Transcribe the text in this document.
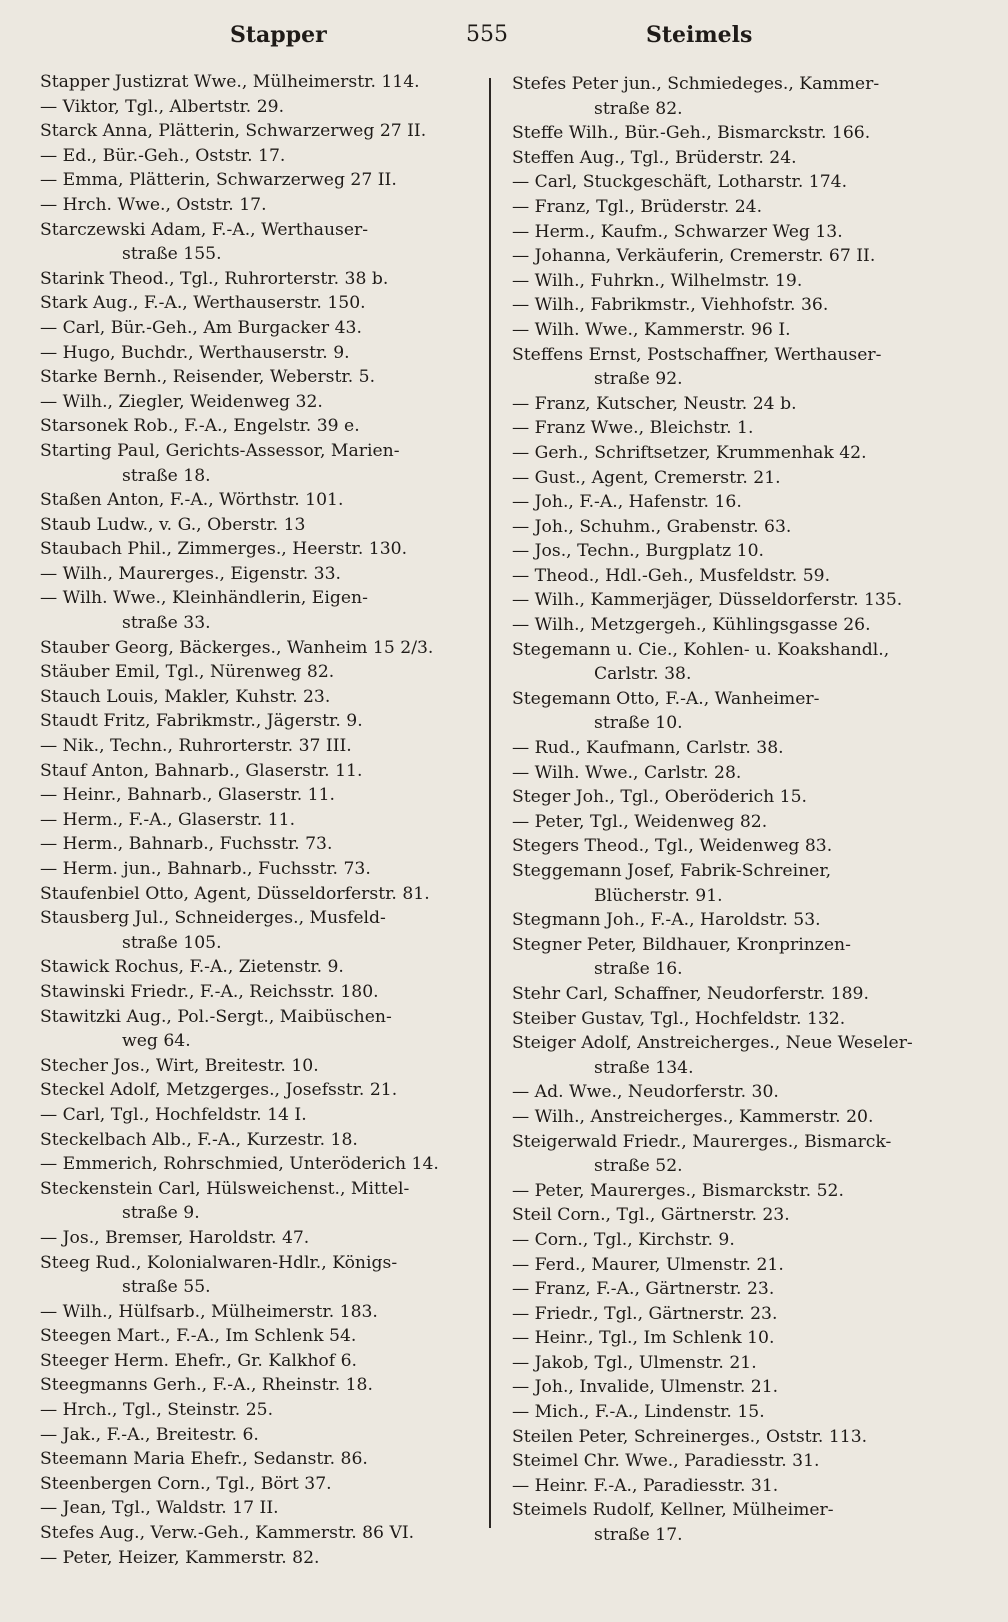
Stapper	555	Steimels
Stapper Justizrat Wwe., Mülheimerstr. 114.
— Viktor, Tgl., Albertstr. 29.
Starck Anna, Plätterin, Schwarzerweg 27 II.
— Ed., Bür.-Geh., Oststr. 17.
— Emma, Plätterin, Schwarzerweg 27 II.
— Hrch. Wwe., Oststr. 17.
Starczewski Adam, F.-A., Werthauser-
straße 155.
Starink Theod., Tgl., Ruhrorterstr. 38 b.
Stark Aug., F.-A., Werthauserstr. 150.
— Carl, Bür.-Geh., Am Burgacker 43.
— Hugo, Buchdr., Werthauserstr. 9.
Starke Bernh., Reisender, Weberstr. 5.
— Wilh., Ziegler, Weidenweg 32.
Starsonek Rob., F.-A., Engelstr. 39 e.
Starting Paul, Gerichts-Assessor, Marien-
straße 18.
Staßen Anton, F.-A., Wörthstr. 101.
Staub Ludw., v. G., Oberstr. 13
Staubach Phil., Zimmerges., Heerstr. 130.
— Wilh., Maurerges., Eigenstr. 33.
— Wilh. Wwe., Kleinhändlerin, Eigen-
straße 33.
Stauber Georg, Bäckerges., Wanheim 15 2/3.
Stäuber Emil, Tgl., Nürenweg 82.
Stauch Louis, Makler, Kuhstr. 23.
Staudt Fritz, Fabrikmstr., Jägerstr. 9.
— Nik., Techn., Ruhrorterstr. 37 III.
Stauf Anton, Bahnarb., Glaserstr. 11.
— Heinr., Bahnarb., Glaserstr. 11.
— Herm., F.-A., Glaserstr. 11.
— Herm., Bahnarb., Fuchsstr. 73.
— Herm. jun., Bahnarb., Fuchsstr. 73.
Staufenbiel Otto, Agent, Düsseldorferstr. 81.
Stausberg Jul., Schneiderges., Musfeld-
straße 105.
Stawick Rochus, F.-A., Zietenstr. 9.
Stawinski Friedr., F.-A., Reichsstr. 180.
Stawitzki Aug., Pol.-Sergt., Maibüschen-
weg 64.
Stecher Jos., Wirt, Breitestr. 10.
Steckel Adolf, Metzgerges., Josefsstr. 21.
— Carl, Tgl., Hochfeldstr. 14 I.
Steckelbach Alb., F.-A., Kurzestr. 18.
— Emmerich, Rohrschmied, Unteröderich 14.
Steckenstein Carl, Hülsweichenst., Mittel-
straße 9.
— Jos., Bremser, Haroldstr. 47.
Steeg Rud., Kolonialwaren-Hdlr., Königs-
straße 55.
— Wilh., Hülfsarb., Mülheimerstr. 183.
Steegen Mart., F.-A., Im Schlenk 54.
Steeger Herm. Ehefr., Gr. Kalkhof 6.
Steegmanns Gerh., F.-A., Rheinstr. 18.
— Hrch., Tgl., Steinstr. 25.
— Jak., F.-A., Breitestr. 6.
Steemann Maria Ehefr., Sedanstr. 86.
Steenbergen Corn., Tgl., Bört 37.
— Jean, Tgl., Waldstr. 17 II.
Stefes Aug., Verw.-Geh., Kammerstr. 86 VI.
— Peter, Heizer, Kammerstr. 82.
Stefes Peter jun., Schmiedeges., Kammer-
straße 82.
Steffe Wilh., Bür.-Geh., Bismarckstr. 166.
Steffen Aug., Tgl., Brüderstr. 24.
— Carl, Stuckgeschäft, Lotharstr. 174.
— Franz, Tgl., Brüderstr. 24.
— Herm., Kaufm., Schwarzer Weg 13.
— Johanna, Verkäuferin, Cremerstr. 67 II.
— Wilh., Fuhrkn., Wilhelmstr. 19.
— Wilh., Fabrikmstr., Viehhofstr. 36.
— Wilh. Wwe., Kammerstr. 96 I.
Steffens Ernst, Postschaffner, Werthauser-
straße 92.
— Franz, Kutscher, Neustr. 24 b.
— Franz Wwe., Bleichstr. 1.
— Gerh., Schriftsetzer, Krummenhak 42.
— Gust., Agent, Cremerstr. 21.
— Joh., F.-A., Hafenstr. 16.
— Joh., Schuhm., Grabenstr. 63.
— Jos., Techn., Burgplatz 10.
— Theod., Hdl.-Geh., Musfeldstr. 59.
— Wilh., Kammerjäger, Düsseldorferstr. 135.
— Wilh., Metzgergeh., Kühlingsgasse 26.
Stegemann u. Cie., Kohlen- u. Koakshandl.,
Carlstr. 38.
Stegemann Otto, F.-A., Wanheimer-
straße 10.
— Rud., Kaufmann, Carlstr. 38.
— Wilh. Wwe., Carlstr. 28.
Steger Joh., Tgl., Oberöderich 15.
— Peter, Tgl., Weidenweg 82.
Stegers Theod., Tgl., Weidenweg 83.
Steggemann Josef, Fabrik-Schreiner,
Blücherstr. 91.
Stegmann Joh., F.-A., Haroldstr. 53.
Stegner Peter, Bildhauer, Kronprinzen-
straße 16.
Stehr Carl, Schaffner, Neudorferstr. 189.
Steiber Gustav, Tgl., Hochfeldstr. 132.
Steiger Adolf, Anstreicherges., Neue Weseler-
straße 134.
— Ad. Wwe., Neudorferstr. 30.
— Wilh., Anstreicherges., Kammerstr. 20.
Steigerwald Friedr., Maurerges., Bismarck-
straße 52.
— Peter, Maurerges., Bismarckstr. 52.
Steil Corn., Tgl., Gärtnerstr. 23.
— Corn., Tgl., Kirchstr. 9.
— Ferd., Maurer, Ulmenstr. 21.
— Franz, F.-A., Gärtnerstr. 23.
— Friedr., Tgl., Gärtnerstr. 23.
— Heinr., Tgl., Im Schlenk 10.
— Jakob, Tgl., Ulmenstr. 21.
— Joh., Invalide, Ulmenstr. 21.
— Mich., F.-A., Lindenstr. 15.
Steilen Peter, Schreinerges., Oststr. 113.
Steimel Chr. Wwe., Paradiesstr. 31.
— Heinr. F.-A., Paradiesstr. 31.
Steimels Rudolf, Kellner, Mülheimer-
straße 17.
